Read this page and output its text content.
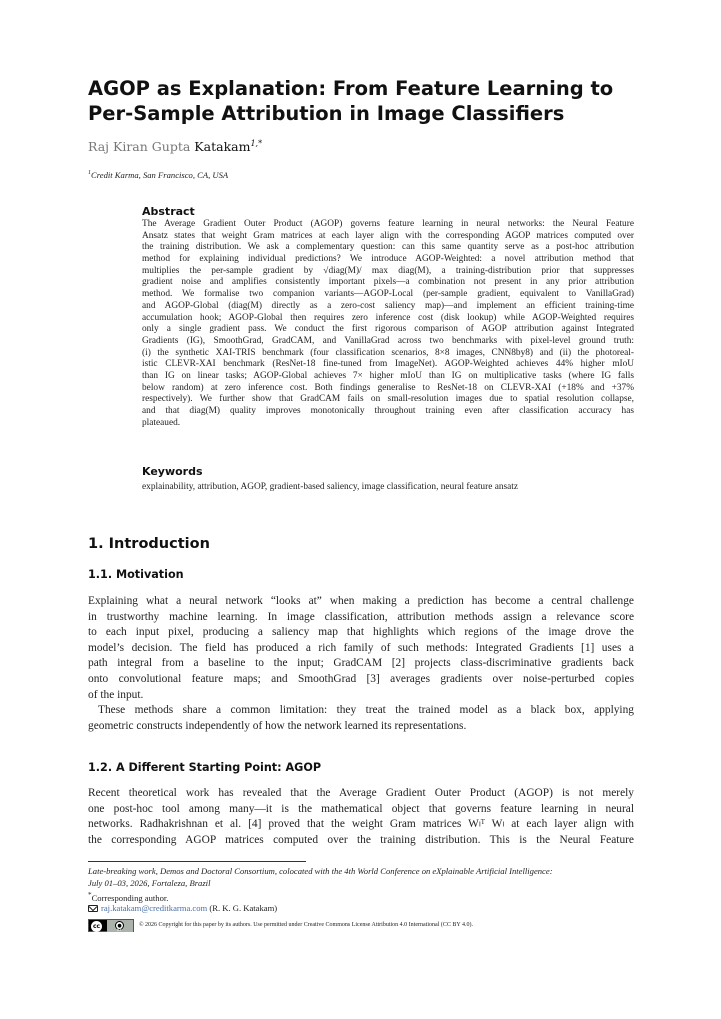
AGOP as Explanation: From Feature Learning to
Per-Sample Attribution in Image Classifiers
Raj Kiran Gupta Katakam$^{1,*}$
$^1$Credit Karma, San Francisco, CA, USA
Abstract
The Average Gradient Outer Product (AGOP) governs feature learning in neural networks: the Neural Feature
Ansatz states that weight Gram matrices at each layer align with the corresponding AGOP matrices computed over
the training distribution. We ask a complementary question: can this same quantity serve as a post-hoc attribution
method for explaining individual predictions? We introduce AGOP-Weighted: a novel attribution method that
multiplies the per-sample gradient by √diag(M)/ max diag(M), a training-distribution prior that suppresses
gradient noise and amplifies consistently important pixels—a combination not present in any prior attribution
method. We formalise two companion variants—AGOP-Local (per-sample gradient, equivalent to VanillaGrad)
and AGOP-Global (diag(M) directly as a zero-cost saliency map)—and implement an efficient training-time
accumulation hook; AGOP-Global then requires zero inference cost (disk lookup) while AGOP-Weighted requires
only a single gradient pass. We conduct the first rigorous comparison of AGOP attribution against Integrated
Gradients (IG), SmoothGrad, GradCAM, and VanillaGrad across two benchmarks with pixel-level ground truth:
(i) the synthetic XAI-TRIS benchmark (four classification scenarios, 8×8 images, CNN8by8) and (ii) the photoreal-
istic CLEVR-XAI benchmark (ResNet-18 fine-tuned from ImageNet). AGOP-Weighted achieves 44% higher mIoU
than IG on linear tasks; AGOP-Global achieves 7× higher mIoU than IG on multiplicative tasks (where IG falls
below random) at zero inference cost. Both findings generalise to ResNet-18 on CLEVR-XAI (+18% and +37%
respectively). We further show that GradCAM fails on small-resolution images due to spatial resolution collapse,
and that diag(M) quality improves monotonically throughout training even after classification accuracy has
plateaued.
Keywords
explainability, attribution, AGOP, gradient-based saliency, image classification, neural feature ansatz
1. Introduction
1.1. Motivation
Explaining what a neural network “looks at” when making a prediction has become a central challenge
in trustworthy machine learning. In image classification, attribution methods assign a relevance score
to each input pixel, producing a saliency map that highlights which regions of the image drove the
model’s decision. The field has produced a rich family of such methods: Integrated Gradients [1] uses a
path integral from a baseline to the input; GradCAM [2] projects class-discriminative gradients back
onto convolutional feature maps; and SmoothGrad [3] averages gradients over noise-perturbed copies
of the input.
These methods share a common limitation: they treat the trained model as a black box, applying
geometric constructs independently of how the network learned its representations.
1.2. A Different Starting Point: AGOP
Recent theoretical work has revealed that the Average Gradient Outer Product (AGOP) is not merely
one post-hoc tool among many—it is the mathematical object that governs feature learning in neural
networks. Radhakrishnan et al. [4] proved that the weight Gram matrices Wₗᵀ Wₗ at each layer align with
the corresponding AGOP matrices computed over the training distribution. This is the Neural Feature
Late-breaking work, Demos and Doctoral Consortium, colocated with the 4th World Conference on eXplainable Artificial Intelligence:
July 01–03, 2026, Fortaleza, Brazil
*Corresponding author.
raj.katakam@creditkarma.com (R. K. G. Katakam)
cc	●
BY
© 2026 Copyright for this paper by its authors. Use permitted under Creative Commons License Attribution 4.0 International (CC BY 4.0).
